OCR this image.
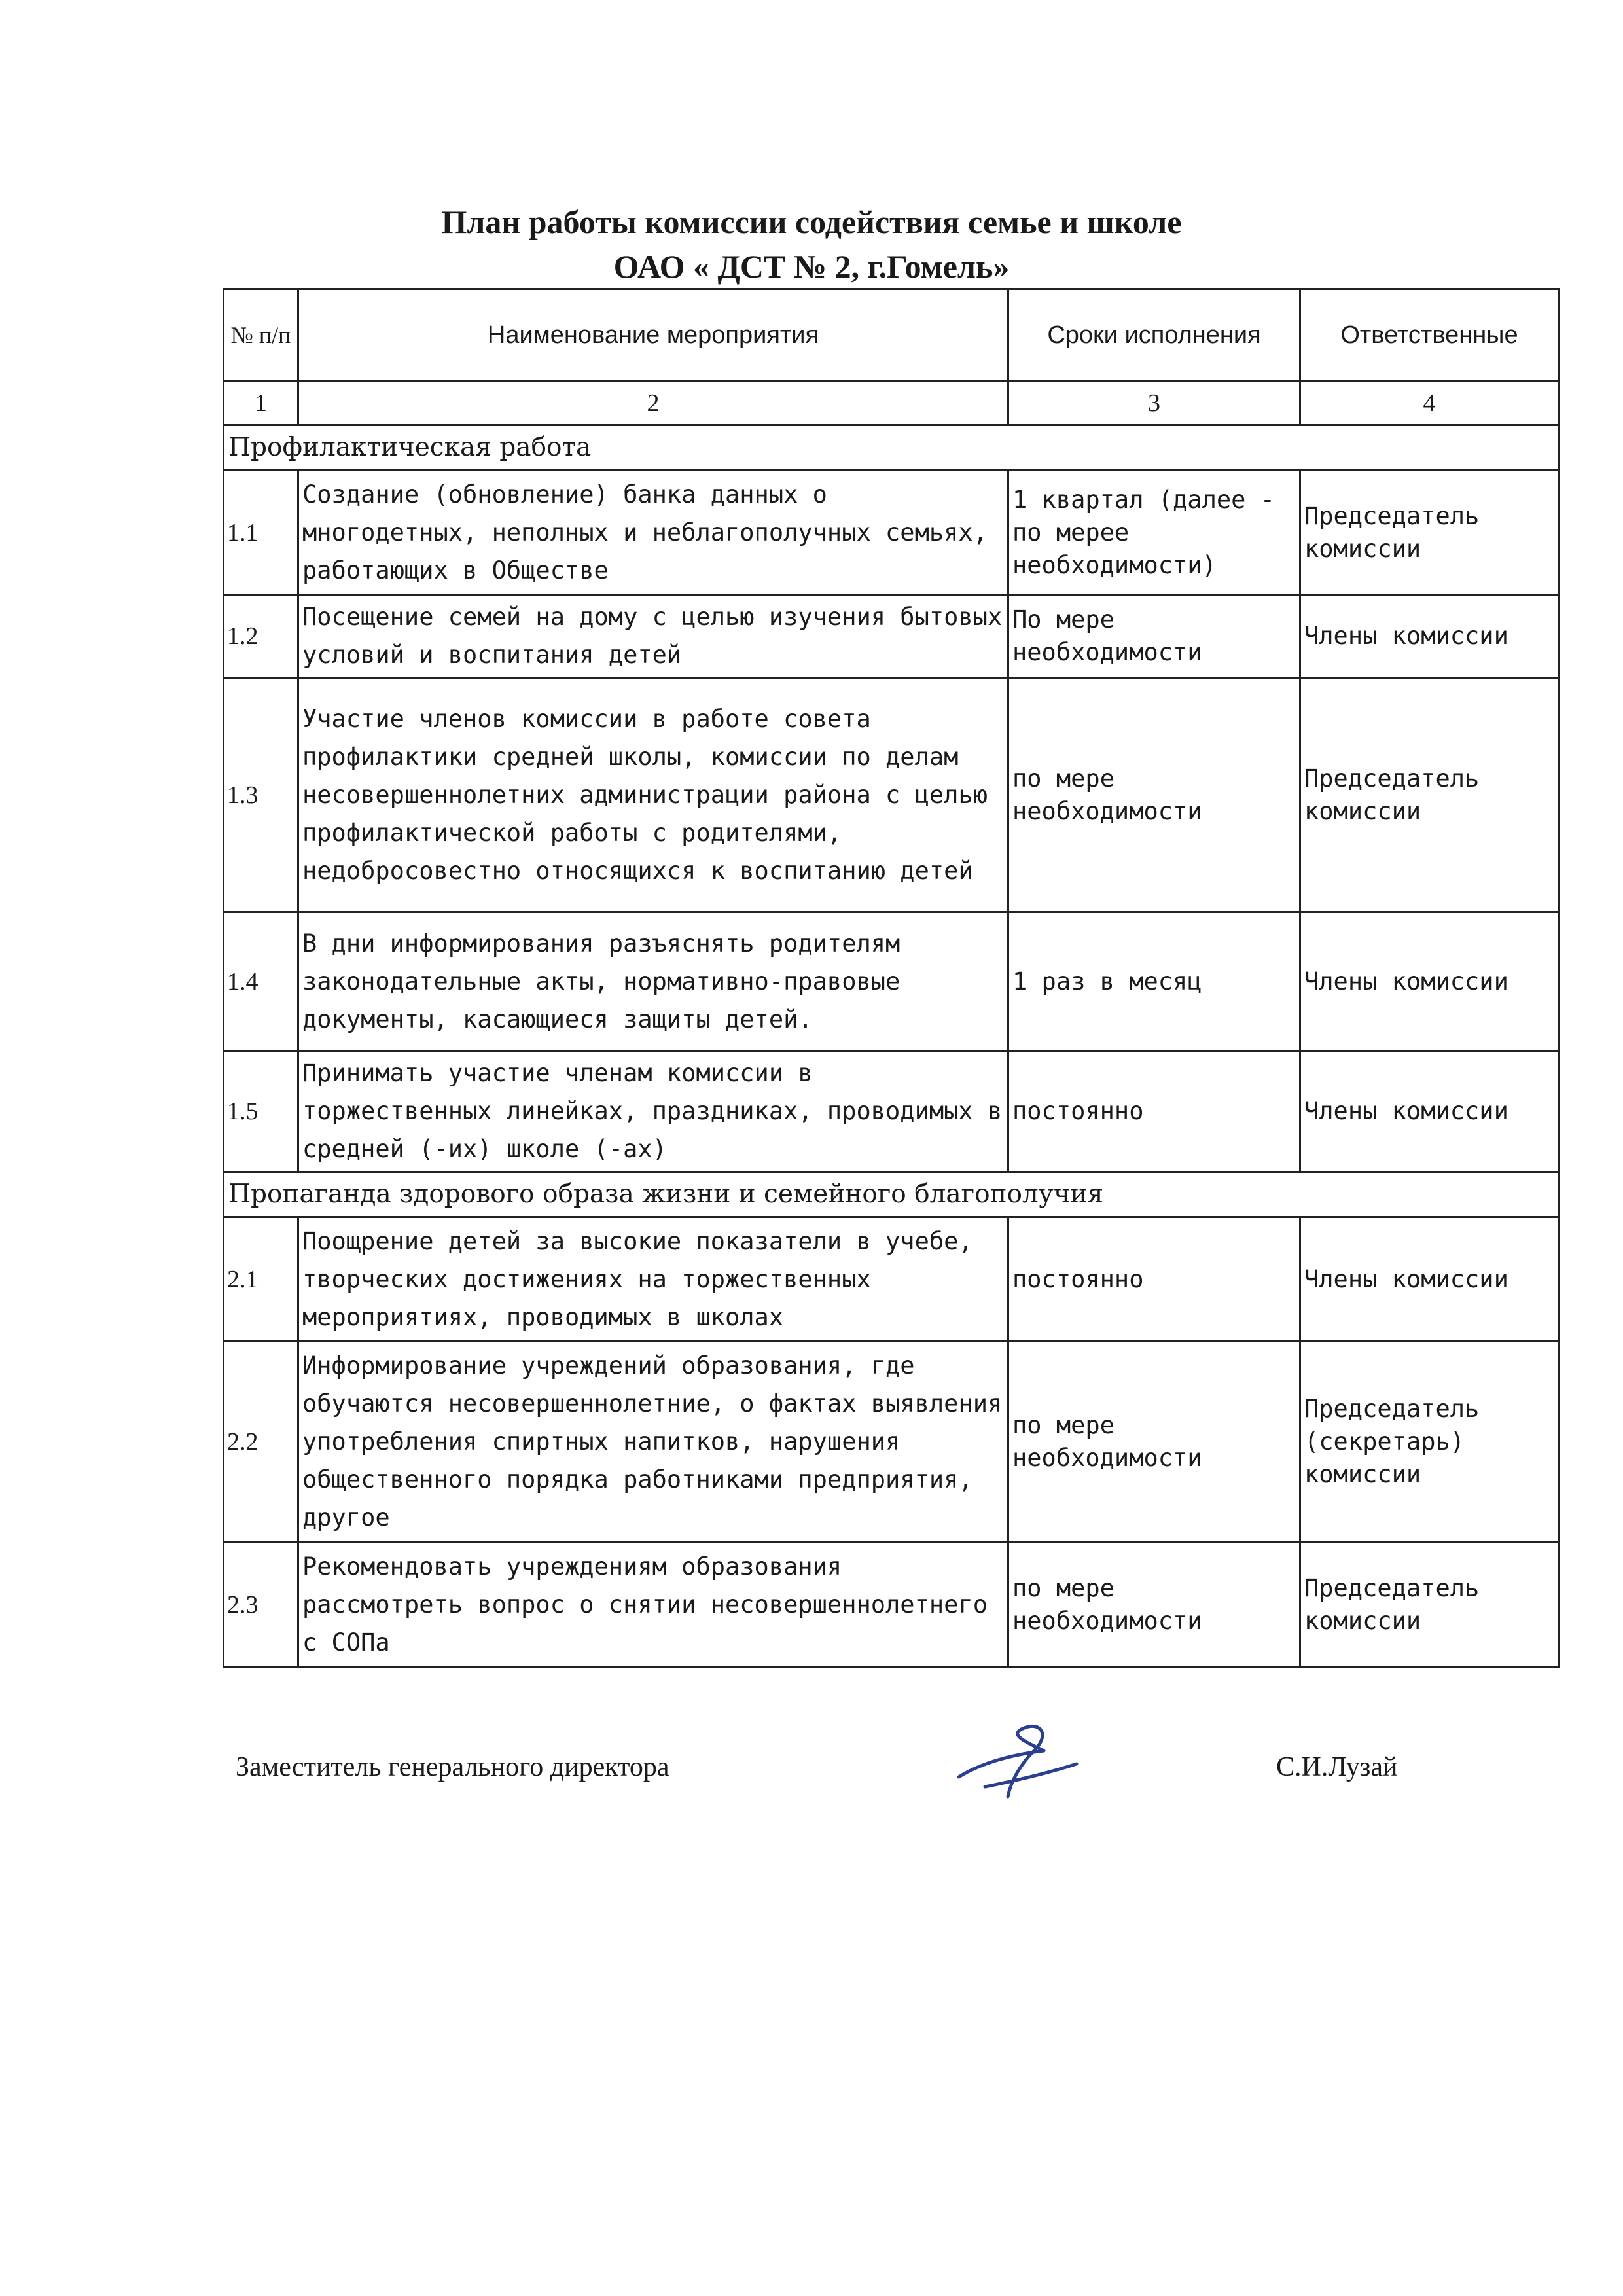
План работы комиссии содействия семье и школе
ОАО « ДСТ № 2, г.Гомель»
№ п/п	Наименование мероприятия	Сроки исполнения	Ответственные
1	2	3	4
Профилактическая работа			
1.1	Создание (обновление) банка данных о многодетных, неполных и неблагополучных семьях, работающих в Обществе	1 квартал (далее - по мерее необходимости)	Председатель комиссии
1.2	Посещение семей на дому с целью изучения бытовых условий и воспитания детей	По мере необходимости	Члены комиссии
1.3	Участие членов комиссии в работе совета профилактики средней школы, комиссии по делам несовершеннолетних администрации района с целью профилактической работы с родителями, недобросовестно относящихся к воспитанию детей	по мере необходимости	Председатель комиссии
1.4	В дни информирования разъяснять родителям законодательные акты, нормативно-правовые документы, касающиеся защиты детей.	1 раз в месяц	Члены комиссии
1.5	Принимать участие членам комиссии в торжественных линейках, праздниках, проводимых в средней (-их) школе (-ах)	постоянно	Члены комиссии
Пропаганда здорового образа жизни и семейного благополучия			
2.1	Поощрение детей за высокие показатели в учебе, творческих достижениях на торжественных мероприятиях, проводимых в школах	постоянно	Члены комиссии
2.2	Информирование учреждений образования, где обучаются несовершеннолетние, о фактах выявления употребления спиртных напитков, нарушения общественного порядка работниками предприятия, другое	по мере необходимости	Председатель (секретарь) комиссии
2.3	Рекомендовать учреждениям образования рассмотреть вопрос о снятии несовершеннолетнего с СОПа	по мере необходимости	Председатель комиссии
Заместитель генерального директора	С.И.Лузай
